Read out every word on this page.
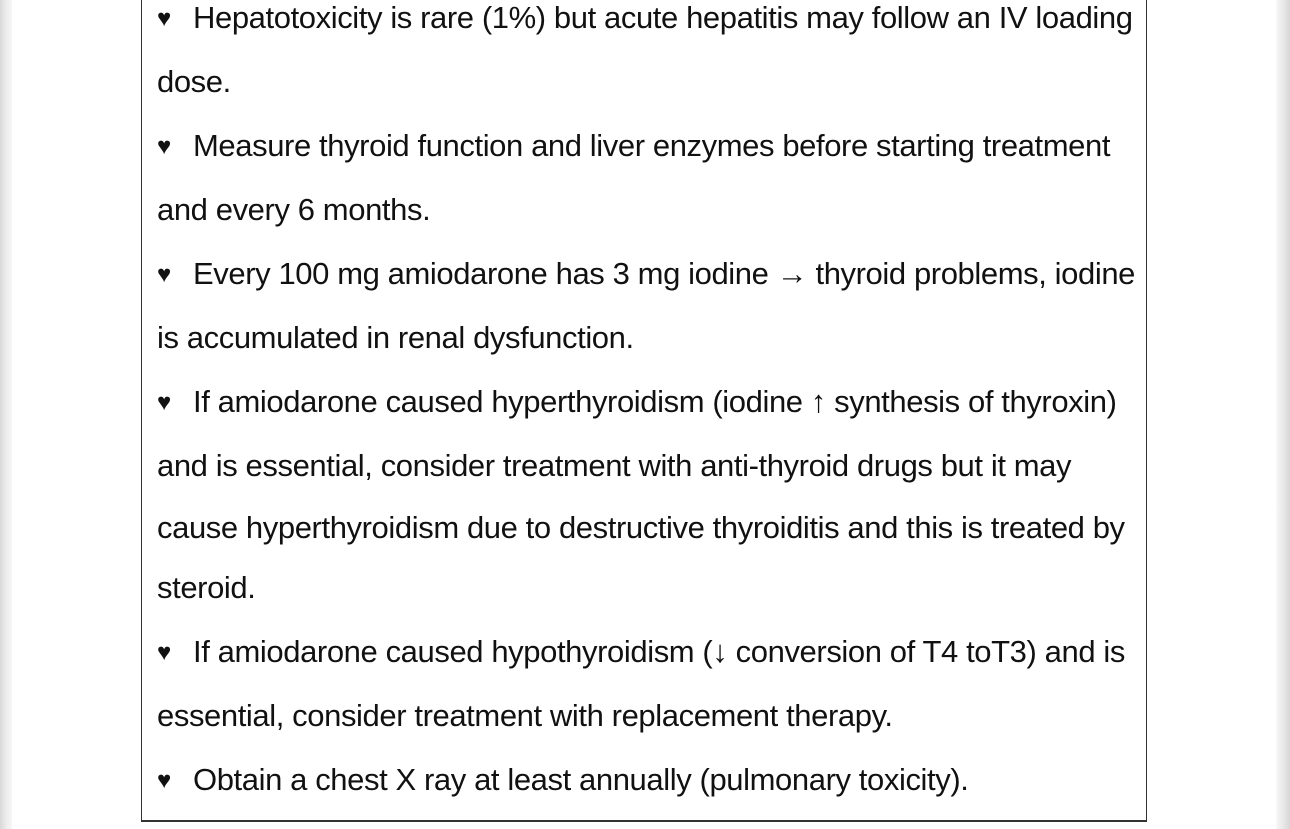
♥ Hepatotoxicity is rare (1%) but acute hepatitis may follow an IV loading
dose.
♥ Measure thyroid function and liver enzymes before starting treatment
and every 6 months.
♥ Every 100 mg amiodarone has 3 mg iodine → thyroid problems, iodine
is accumulated in renal dysfunction.
♥ If amiodarone caused hyperthyroidism (iodine ↑ synthesis of thyroxin)
and is essential, consider treatment with anti-thyroid drugs but it may
cause hyperthyroidism due to destructive thyroiditis and this is treated by
steroid.
♥ If amiodarone caused hypothyroidism (↓ conversion of T4 toT3) and is
essential, consider treatment with replacement therapy.
♥ Obtain a chest X ray at least annually (pulmonary toxicity).
